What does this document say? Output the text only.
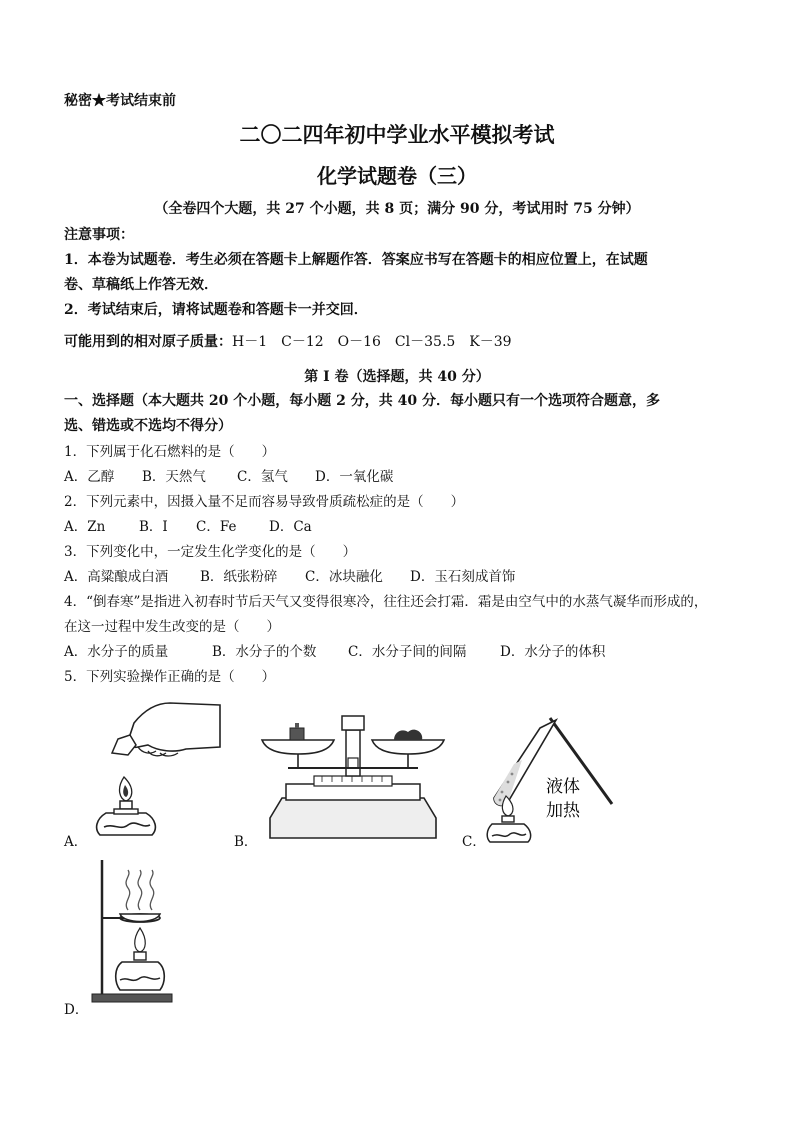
秘密★考试结束前
二〇二四年初中学业水平模拟考试
化学试题卷（三）
（全卷四个大题，共 27 个小题，共 8 页；满分 90 分，考试用时 75 分钟）
注意事项：
1．本卷为试题卷．考生必须在答题卡上解题作答．答案应书写在答题卡的相应位置上，在试题
卷、草稿纸上作答无效．
2．考试结束后，请将试题卷和答题卡一并交回．
可能用到的相对原子质量：H－1　C－12　O－16　Cl－35.5　K－39
第 I 卷（选择题，共 40 分）
一、选择题（本大题共 20 个小题，每小题 2 分，共 40 分．每小题只有一个选项符合题意，多
选、错选或不选均不得分）
1．下列属于化石燃料的是（　　）
A．乙醇 B．天然气 C．氢气 D．一氧化碳
2．下列元素中，因摄入量不足而容易导致骨质疏松症的是（　　）
A．Zn B．I C．Fe D．Ca
3．下列变化中，一定发生化学变化的是（　　）
A．高粱酿成白酒 B．纸张粉碎 C．冰块融化 D．玉石刻成首饰
4．“倒春寒”是指进入初春时节后天气又变得很寒冷，往往还会打霜．霜是由空气中的水蒸气凝华而形成的，
在这一过程中发生改变的是（　　）
A．水分子的质量	B．水分子的个数 C．水分子间的间隔 D．水分子的体积
5．下列实验操作正确的是（　　）
A．	B．	C．
液体
加热
D．
